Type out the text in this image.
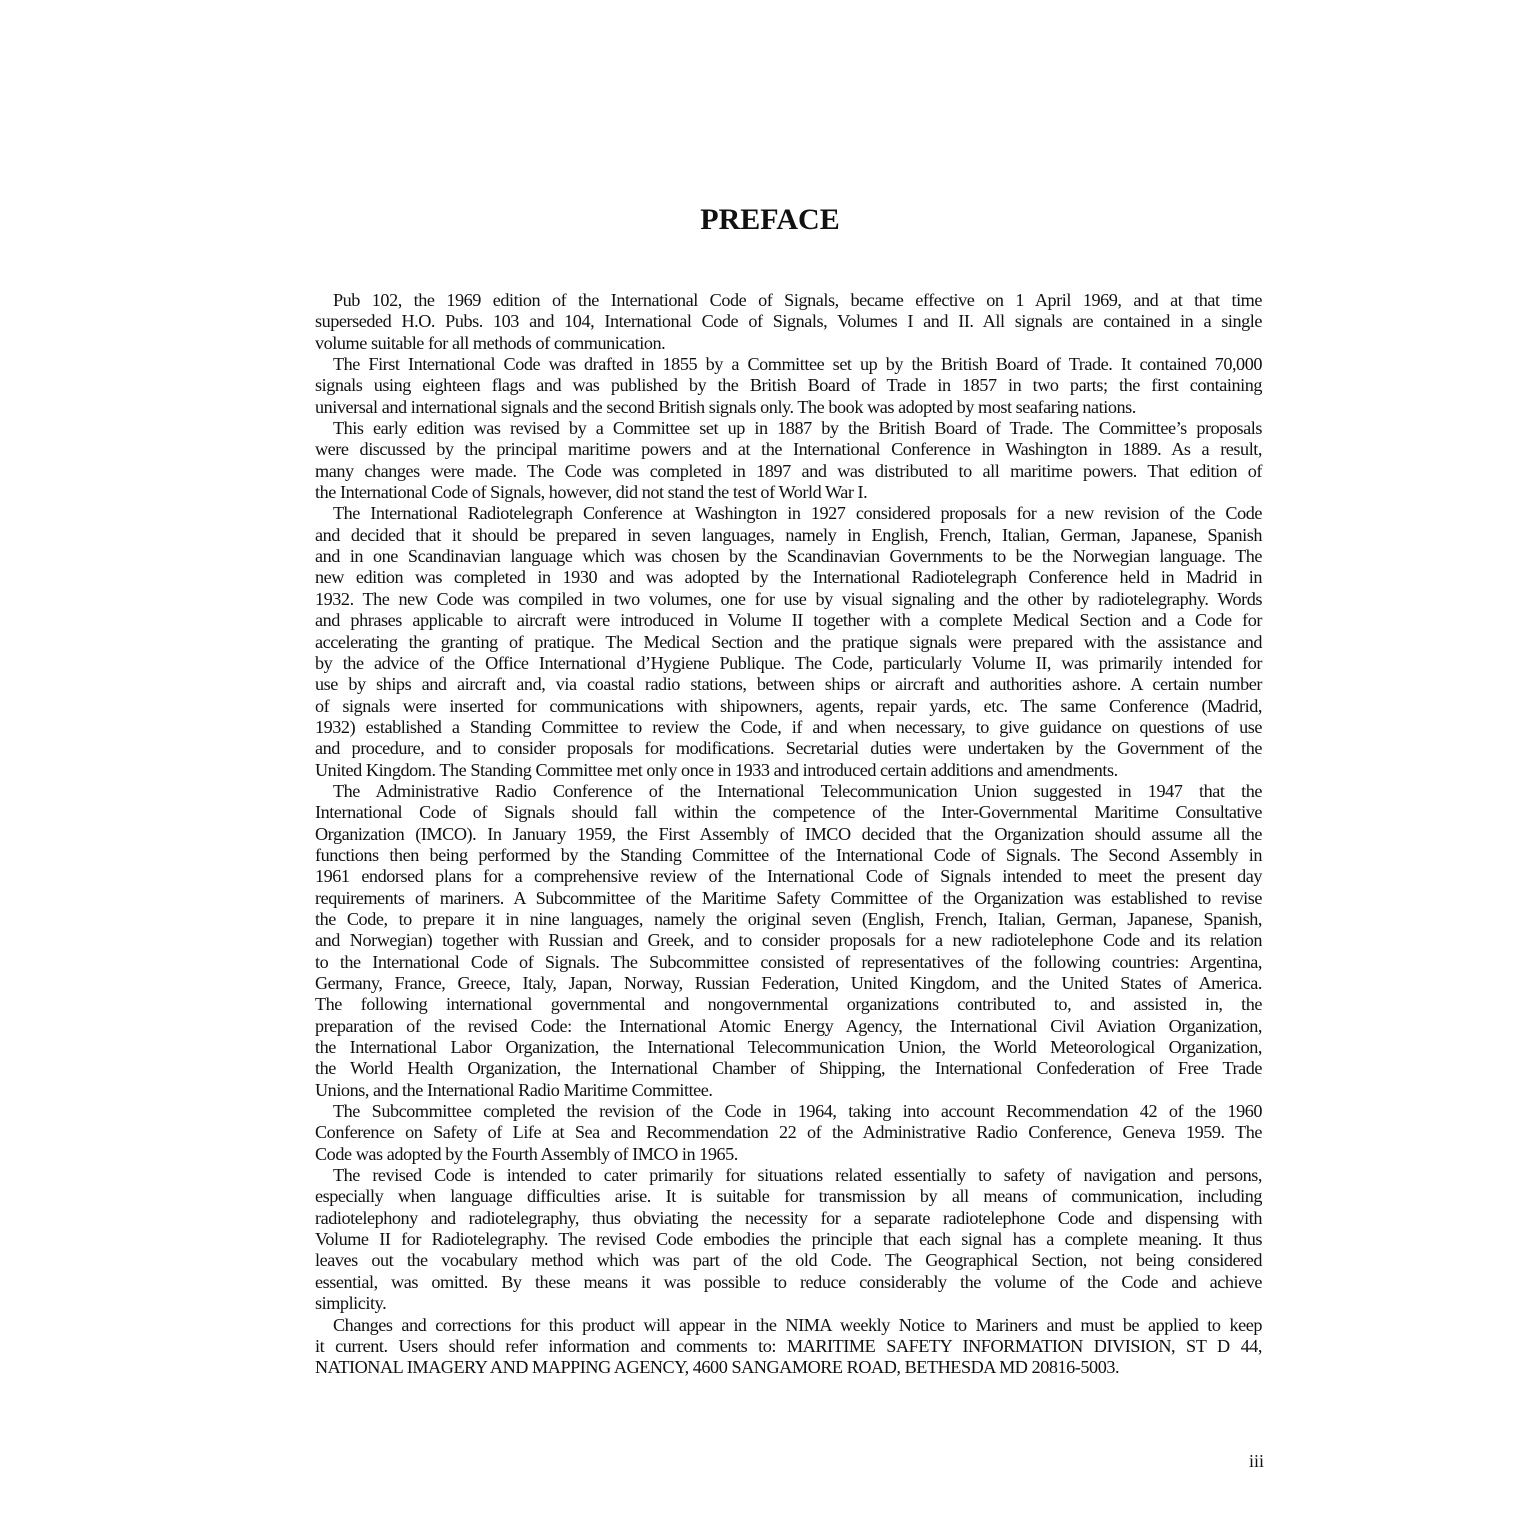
PREFACE
Pub 102, the 1969 edition of the International Code of Signals, became effective on 1 April 1969, and at that time
superseded H.O. Pubs. 103 and 104, International Code of Signals, Volumes I and II. All signals are contained in a single
volume suitable for all methods of communication.
The First International Code was drafted in 1855 by a Committee set up by the British Board of Trade. It contained 70,000
signals using eighteen flags and was published by the British Board of Trade in 1857 in two parts; the first containing
universal and international signals and the second British signals only. The book was adopted by most seafaring nations.
This early edition was revised by a Committee set up in 1887 by the British Board of Trade. The Committee’s proposals
were discussed by the principal maritime powers and at the International Conference in Washington in 1889. As a result,
many changes were made. The Code was completed in 1897 and was distributed to all maritime powers. That edition of
the International Code of Signals, however, did not stand the test of World War I.
The International Radiotelegraph Conference at Washington in 1927 considered proposals for a new revision of the Code
and decided that it should be prepared in seven languages, namely in English, French, Italian, German, Japanese, Spanish
and in one Scandinavian language which was chosen by the Scandinavian Governments to be the Norwegian language. The
new edition was completed in 1930 and was adopted by the International Radiotelegraph Conference held in Madrid in
1932. The new Code was compiled in two volumes, one for use by visual signaling and the other by radiotelegraphy. Words
and phrases applicable to aircraft were introduced in Volume II together with a complete Medical Section and a Code for
accelerating the granting of pratique. The Medical Section and the pratique signals were prepared with the assistance and
by the advice of the Office International d’Hygiene Publique. The Code, particularly Volume II, was primarily intended for
use by ships and aircraft and, via coastal radio stations, between ships or aircraft and authorities ashore. A certain number
of signals were inserted for communications with shipowners, agents, repair yards, etc. The same Conference (Madrid,
1932) established a Standing Committee to review the Code, if and when necessary, to give guidance on questions of use
and procedure, and to consider proposals for modifications. Secretarial duties were undertaken by the Government of the
United Kingdom. The Standing Committee met only once in 1933 and introduced certain additions and amendments.
The Administrative Radio Conference of the International Telecommunication Union suggested in 1947 that the
International Code of Signals should fall within the competence of the Inter-Governmental Maritime Consultative
Organization (IMCO). In January 1959, the First Assembly of IMCO decided that the Organization should assume all the
functions then being performed by the Standing Committee of the International Code of Signals. The Second Assembly in
1961 endorsed plans for a comprehensive review of the International Code of Signals intended to meet the present day
requirements of mariners. A Subcommittee of the Maritime Safety Committee of the Organization was established to revise
the Code, to prepare it in nine languages, namely the original seven (English, French, Italian, German, Japanese, Spanish,
and Norwegian) together with Russian and Greek, and to consider proposals for a new radiotelephone Code and its relation
to the International Code of Signals. The Subcommittee consisted of representatives of the following countries: Argentina,
Germany, France, Greece, Italy, Japan, Norway, Russian Federation, United Kingdom, and the United States of America.
The following international governmental and nongovernmental organizations contributed to, and assisted in, the
preparation of the revised Code: the International Atomic Energy Agency, the International Civil Aviation Organization,
the International Labor Organization, the International Telecommunication Union, the World Meteorological Organization,
the World Health Organization, the International Chamber of Shipping, the International Confederation of Free Trade
Unions, and the International Radio Maritime Committee.
The Subcommittee completed the revision of the Code in 1964, taking into account Recommendation 42 of the 1960
Conference on Safety of Life at Sea and Recommendation 22 of the Administrative Radio Conference, Geneva 1959. The
Code was adopted by the Fourth Assembly of IMCO in 1965.
The revised Code is intended to cater primarily for situations related essentially to safety of navigation and persons,
especially when language difficulties arise. It is suitable for transmission by all means of communication, including
radiotelephony and radiotelegraphy, thus obviating the necessity for a separate radiotelephone Code and dispensing with
Volume II for Radiotelegraphy. The revised Code embodies the principle that each signal has a complete meaning. It thus
leaves out the vocabulary method which was part of the old Code. The Geographical Section, not being considered
essential, was omitted. By these means it was possible to reduce considerably the volume of the Code and achieve
simplicity.
Changes and corrections for this product will appear in the NIMA weekly Notice to Mariners and must be applied to keep
it current. Users should refer information and comments to: MARITIME SAFETY INFORMATION DIVISION, ST D 44,
NATIONAL IMAGERY AND MAPPING AGENCY, 4600 SANGAMORE ROAD, BETHESDA MD 20816-5003.
iii
